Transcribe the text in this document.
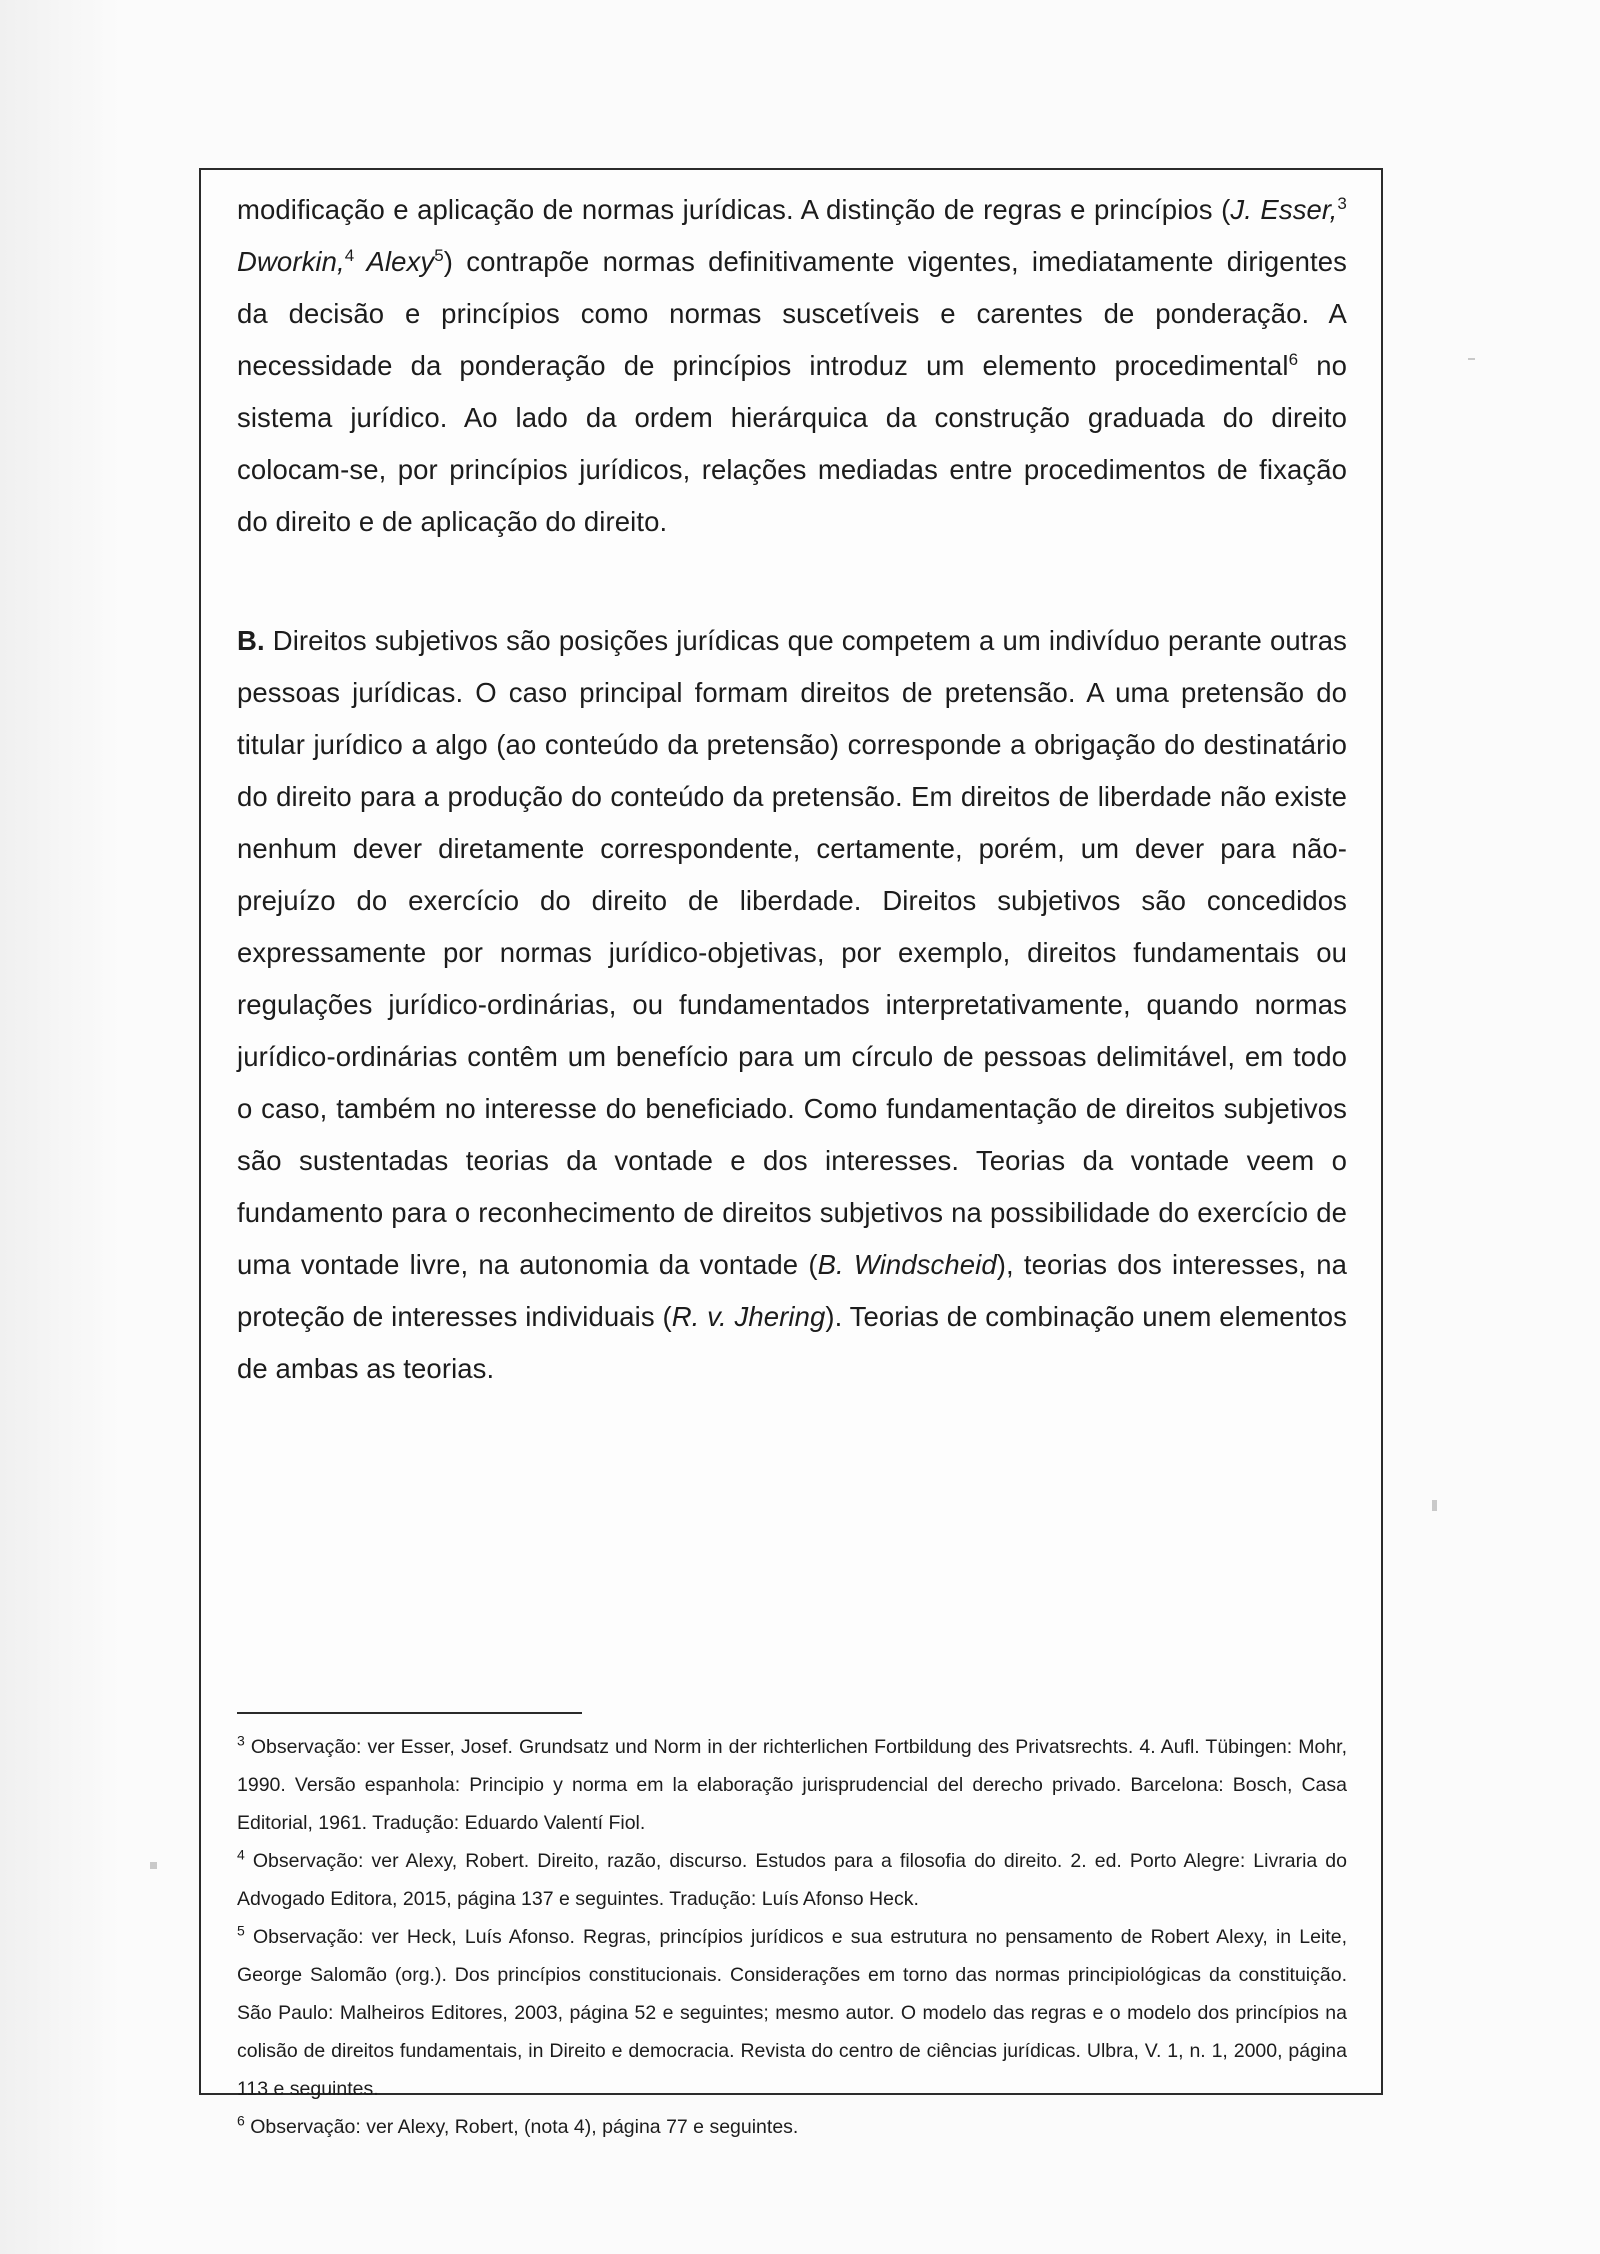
modificação e aplicação de normas jurídicas. A distinção de regras e princípios (J. Esser,$^3$ Dworkin,$^4$ Alexy$^5$) contrapõe normas definitivamente vigentes, imediatamente dirigentes da decisão e princípios como normas suscetíveis e carentes de ponderação. A necessidade da ponderação de princípios introduz um elemento procedimental$^6$ no sistema jurídico. Ao lado da ordem hierárquica da construção graduada do direito colocam-se, por princípios jurídicos, relações mediadas entre procedimentos de fixação do direito e de aplicação do direito.

B. Direitos subjetivos são posições jurídicas que competem a um indivíduo perante outras pessoas jurídicas. O caso principal formam direitos de pretensão. A uma pretensão do titular jurídico a algo (ao conteúdo da pretensão) corresponde a obrigação do destinatário do direito para a produção do conteúdo da pretensão. Em direitos de liberdade não existe nenhum dever diretamente correspondente, certamente, porém, um dever para não-prejuízo do exercício do direito de liberdade. Direitos subjetivos são concedidos expressamente por normas jurídico-objetivas, por exemplo, direitos fundamentais ou regulações jurídico-ordinárias, ou fundamentados interpretativamente, quando normas jurídico-ordinárias contêm um benefício para um círculo de pessoas delimitável, em todo o caso, também no interesse do beneficiado. Como fundamentação de direitos subjetivos são sustentadas teorias da vontade e dos interesses. Teorias da vontade veem o fundamento para o reconhecimento de direitos subjetivos na possibilidade do exercício de uma vontade livre, na autonomia da vontade (B. Windscheid), teorias dos interesses, na proteção de interesses individuais (R. v. Jhering). Teorias de combinação unem elementos de ambas as teorias.

$^3$ Observação: ver Esser, Josef. Grundsatz und Norm in der richterlichen Fortbildung des Privatsrechts. 4. Aufl. Tübingen: Mohr, 1990. Versão espanhola: Principio y norma em la elaboração jurisprudencial del derecho privado. Barcelona: Bosch, Casa Editorial, 1961. Tradução: Eduardo Valentí Fiol.

$^4$ Observação: ver Alexy, Robert. Direito, razão, discurso. Estudos para a filosofia do direito. 2. ed. Porto Alegre: Livraria do Advogado Editora, 2015, página 137 e seguintes. Tradução: Luís Afonso Heck.

$^5$ Observação: ver Heck, Luís Afonso. Regras, princípios jurídicos e sua estrutura no pensamento de Robert Alexy, in Leite, George Salomão (org.). Dos princípios constitucionais. Considerações em torno das normas principiológicas da constituição. São Paulo: Malheiros Editores, 2003, página 52 e seguintes; mesmo autor. O modelo das regras e o modelo dos princípios na colisão de direitos fundamentais, in Direito e democracia. Revista do centro de ciências jurídicas. Ulbra, V. 1, n. 1, 2000, página 113 e seguintes.

$^6$ Observação: ver Alexy, Robert, (nota 4), página 77 e seguintes.
